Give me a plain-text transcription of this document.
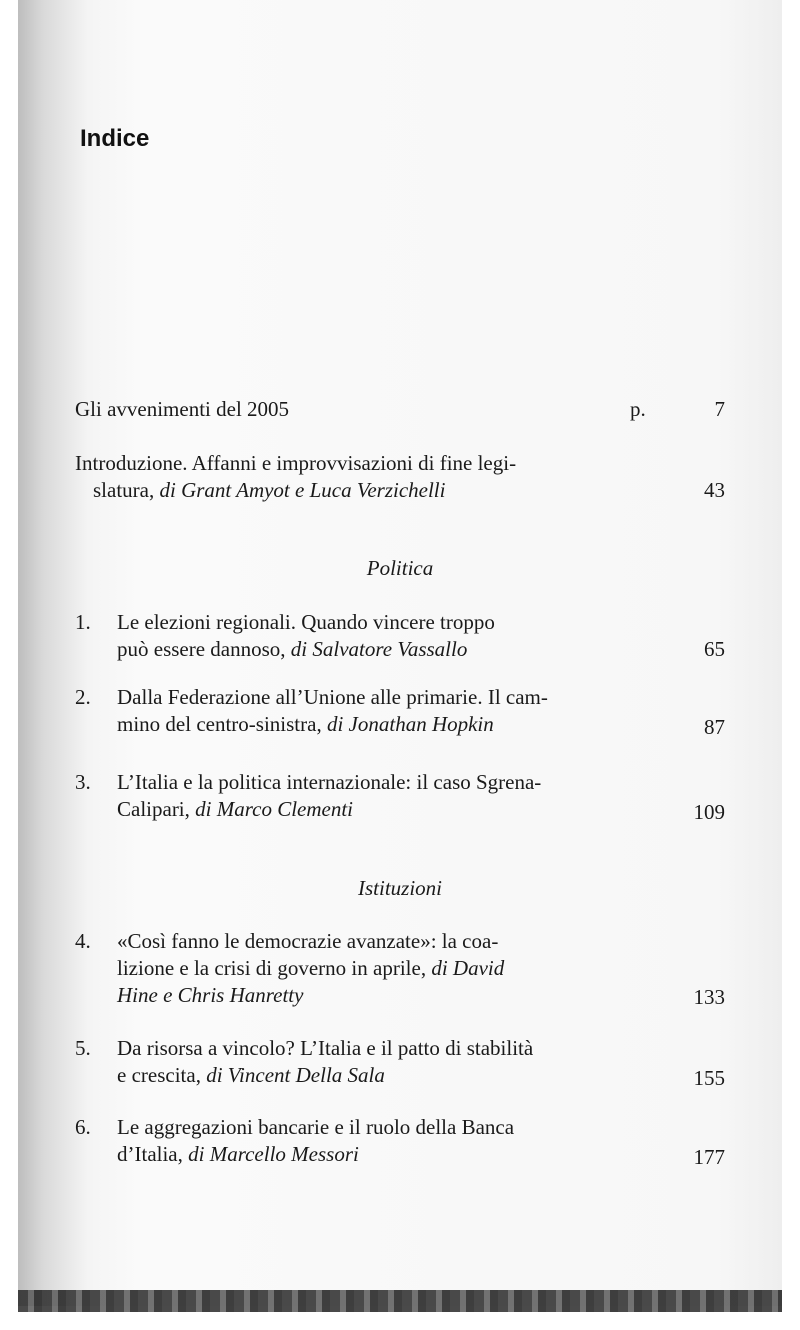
Indice
Gli avvenimenti del 2005	p.	7
Introduzione. Affanni e improvvisazioni di fine legi-
slatura, di Grant Amyot e Luca Verzichelli	43
Politica
1.	Le elezioni regionali. Quando vincere troppo
può essere dannoso, di Salvatore Vassallo	65
2.	Dalla Federazione all’Unione alle primarie. Il cam-
mino del centro-sinistra, di Jonathan Hopkin	87
3.	L’Italia e la politica internazionale: il caso Sgrena-
Calipari, di Marco Clementi	109
Istituzioni
4.	«Così fanno le democrazie avanzate»: la coa-
lizione e la crisi di governo in aprile, di David
Hine e Chris Hanretty	133
5.	Da risorsa a vincolo? L’Italia e il patto di stabilità
e crescita, di Vincent Della Sala	155
6.	Le aggregazioni bancarie e il ruolo della Banca
d’Italia, di Marcello Messori	177
